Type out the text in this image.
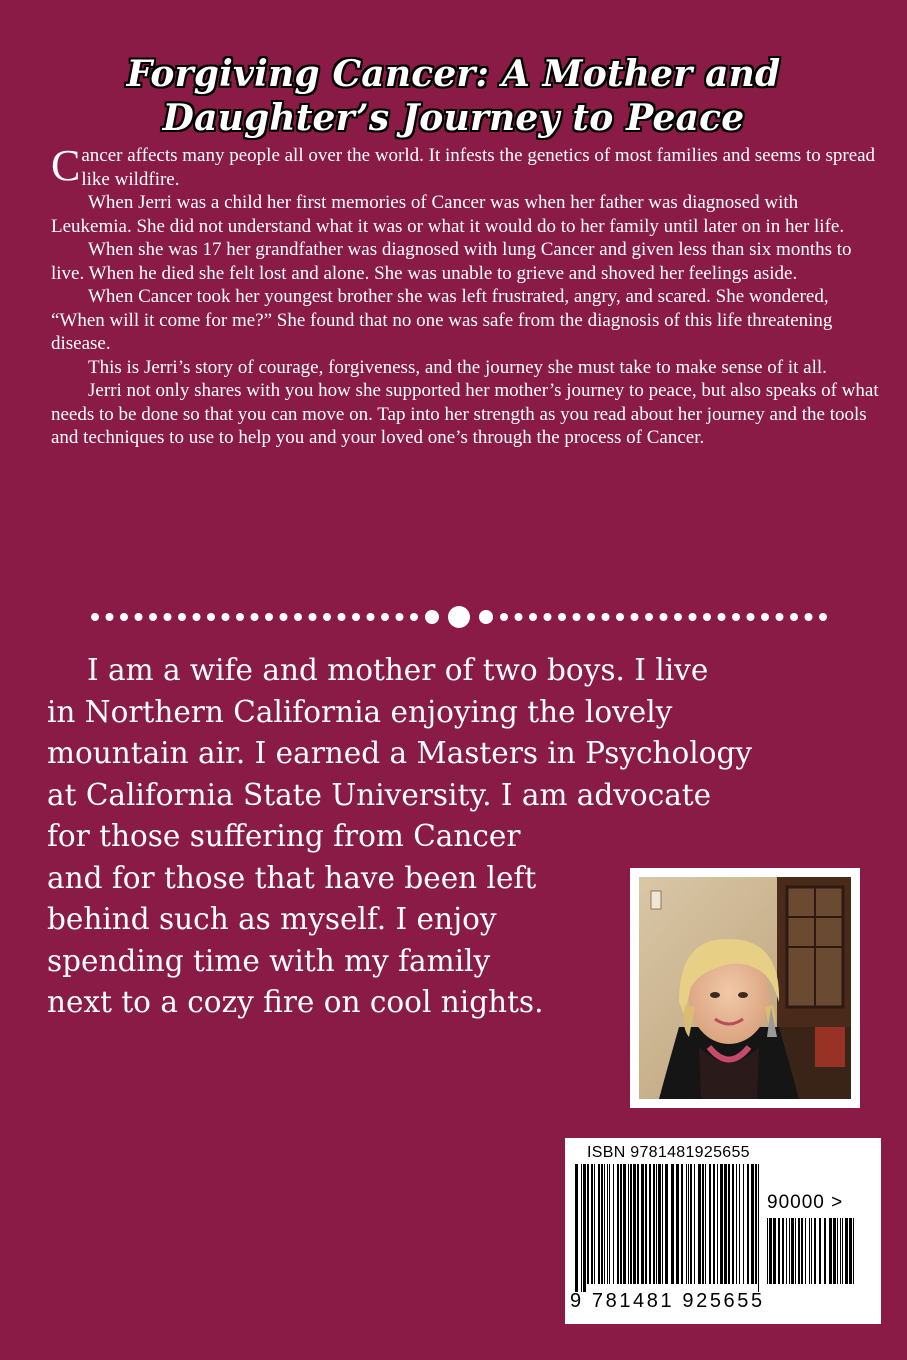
Forgiving Cancer: A Mother and
Daughter’s Journey to Peace

Cancer affects many people all over the world. It infests the genetics of most families and seems to spread like wildfire.

When Jerri was a child her first memories of Cancer was when her father was diagnosed with Leukemia. She did not understand what it was or what it would do to her family until later on in her life.

When she was 17 her grandfather was diagnosed with lung Cancer and given less than six months to live. When he died she felt lost and alone. She was unable to grieve and shoved her feelings aside.

When Cancer took her youngest brother she was left frustrated, angry, and scared. She wondered, “When will it come for me?” She found that no one was safe from the diagnosis of this life threatening disease.

This is Jerri’s story of courage, forgiveness, and the journey she must take to make sense of it all.

Jerri not only shares with you how she supported her mother’s journey to peace, but also speaks of what needs to be done so that you can move on. Tap into her strength as you read about her journey and the tools and techniques to use to help you and your loved one’s through the process of Cancer.

I am a wife and mother of two boys. I live
in Northern California enjoying the lovely
mountain air. I earned a Masters in Psychology
at California State University. I am advocate
for those suffering from Cancer
and for those that have been left
behind such as myself. I enjoy
spending time with my family
next to a cozy fire on cool nights.
ISBN 9781481925655
90000 >
9 781481 925655
